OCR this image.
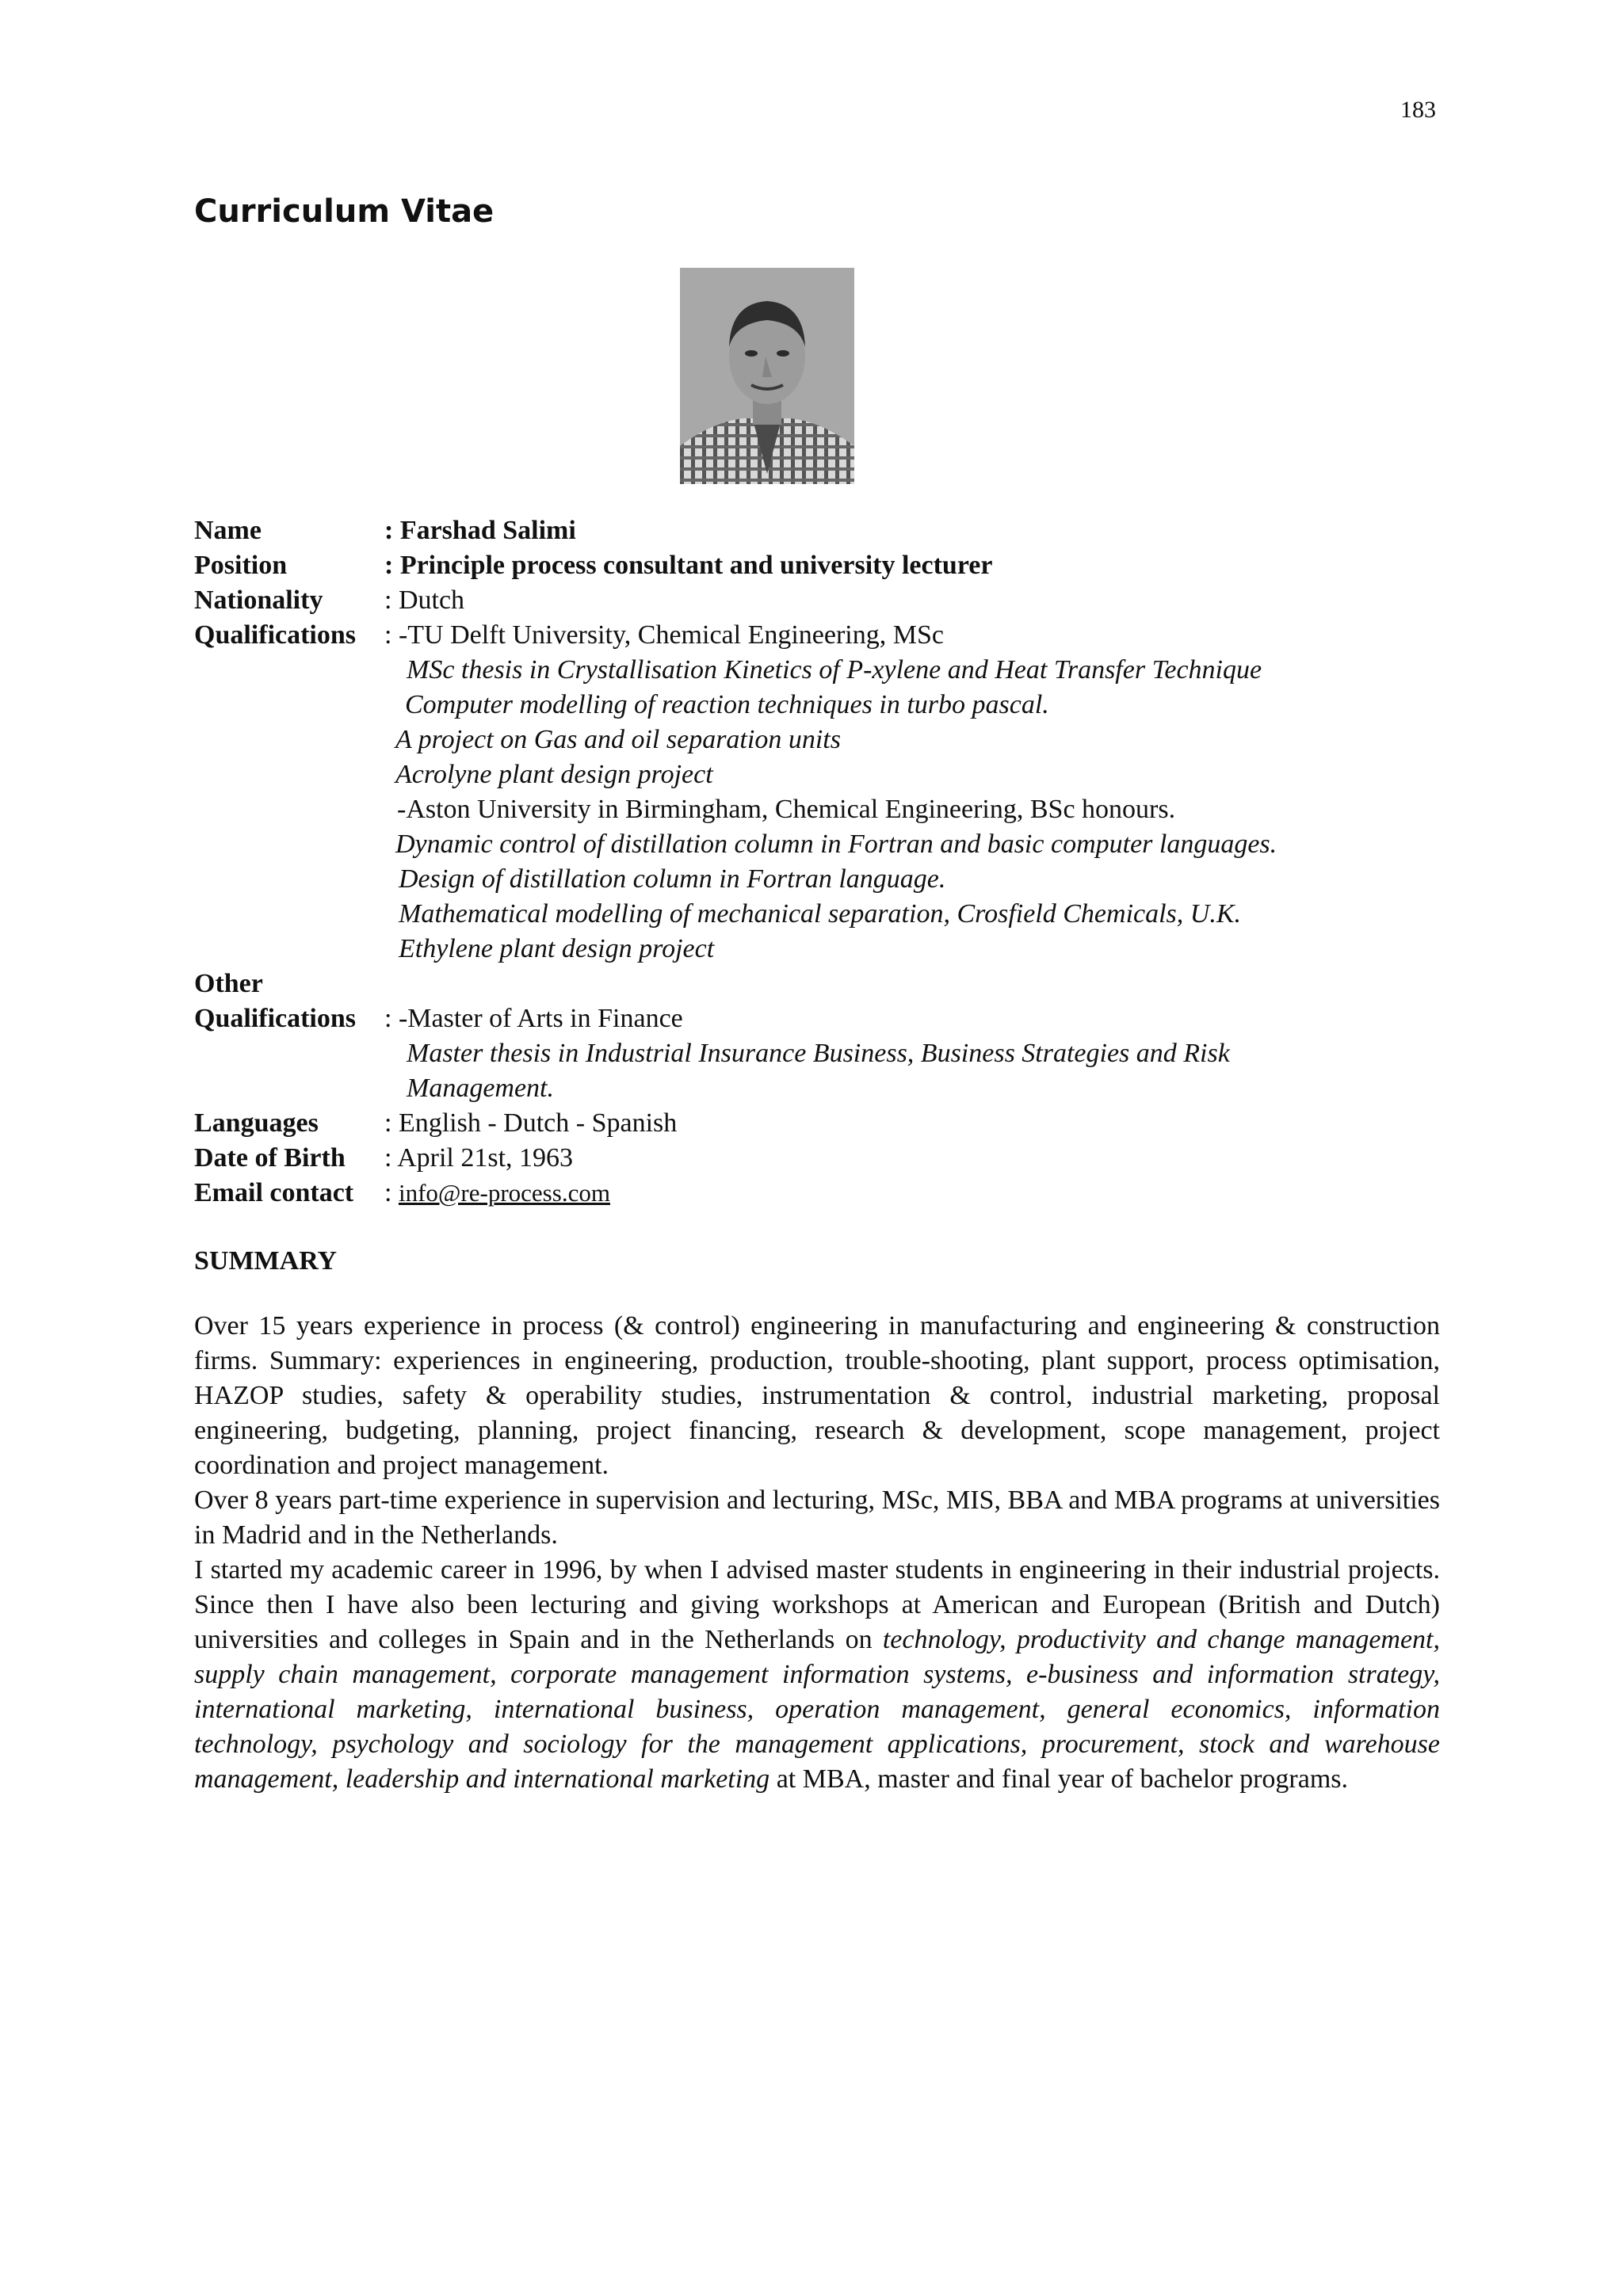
183
Curriculum Vitae
Name	: Farshad Salimi
Position	: Principle process consultant and university lecturer
Nationality	: Dutch
Qualifications	: -TU Delft University, Chemical Engineering, MSc
MSc thesis in Crystallisation Kinetics of P-xylene and Heat Transfer Technique
Computer modelling of reaction techniques in turbo pascal.
A project on Gas and oil separation units
Acrolyne plant design project
-Aston University in Birmingham, Chemical Engineering, BSc honours.
Dynamic control of distillation column in Fortran and basic computer languages.
Design of distillation column in Fortran language.
Mathematical modelling of mechanical separation, Crosfield Chemicals, U.K.
Ethylene plant design project
Other
Qualifications	: -Master of Arts in Finance
Master thesis in Industrial Insurance Business, Business Strategies and Risk
Management.
Languages	: English - Dutch - Spanish
Date of Birth	: April 21st, 1963
Email contact	: info@re-process.com
SUMMARY

Over 15 years experience in process (& control) engineering in manufacturing and engineering & construction firms. Summary: experiences in engineering, production, trouble-shooting, plant support, process optimisation, HAZOP studies, safety & operability studies, instrumentation & control, industrial marketing, proposal engineering, budgeting, planning, project financing, research & development, scope management, project coordination and project management.

Over 8 years part-time experience in supervision and lecturing, MSc, MIS, BBA and MBA programs at universities in Madrid and in the Netherlands.

I started my academic career in 1996, by when I advised master students in engineering in their industrial projects. Since then I have also been lecturing and giving workshops at American and European (British and Dutch) universities and colleges in Spain and in the Netherlands on technology, productivity and change management, supply chain management, corporate management information systems, e-business and information strategy, international marketing, international business, operation management, general economics, information technology, psychology and sociology for the management applications, procurement, stock and warehouse management, leadership and international marketing at MBA, master and final year of bachelor programs.
